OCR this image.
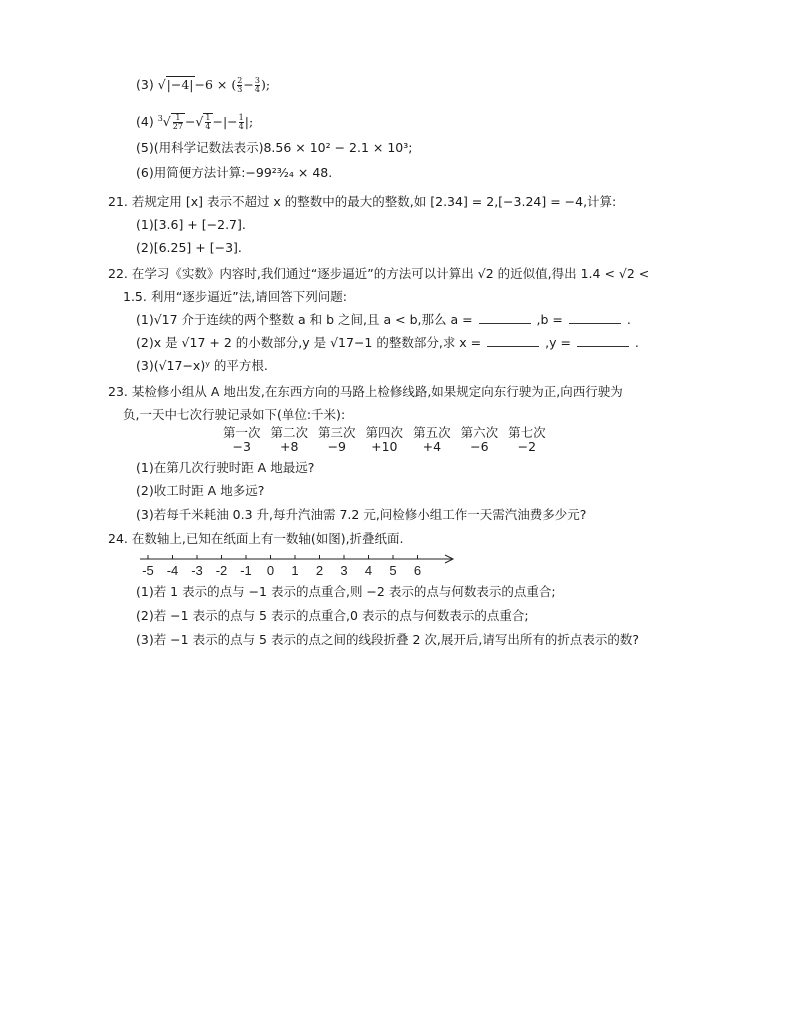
(3) √|−4|−6 × ( $\frac{2}{3} - \frac{3}{4}$ );
(4) $^3√ \frac{1}{27}$ −√ $\frac{1}{4}$ −|− $\frac{1}{4}$ |;
(5)(用科学记数法表示)8.56 × 10² − 2.1 × 10³;
(6)用简便方法计算:−99²³⁄₂₄ × 48.
21. 若规定用 [x] 表示不超过 x 的整数中的最大的整数,如 [2.34] = 2,[−3.24] = −4,计算:
(1)[3.6] + [−2.7].
(2)[6.25] + [−3].
22. 在学习《实数》内容时,我们通过“逐步逼近”的方法可以计算出 √2 的近似值,得出 1.4 < √2 <
1.5. 利用“逐步逼近”法,请回答下列问题:
(1)√17 介于连续的两个整数 a 和 b 之间,且 a < b,那么 a =	,b =	.
(2)x 是 √17 + 2 的小数部分,y 是 √17−1 的整数部分,求 x =	,y =	.
(3)(√17−x)ʸ 的平方根.
23. 某检修小组从 A 地出发,在东西方向的马路上检修线路,如果规定向东行驶为正,向西行驶为
负,一天中七次行驶记录如下(单位:千米):
第一次	第二次	第三次	第四次	第五次	第六次	第七次
−3	+8	−9	+10	+4	−6	−2
(1)在第几次行驶时距 A 地最远?
(2)收工时距 A 地多远?
(3)若每千米耗油 0.3 升,每升汽油需 7.2 元,问检修小组工作一天需汽油费多少元?
24. 在数轴上,已知在纸面上有一数轴(如图),折叠纸面.
-5 -4 -3 -2 -1 0 1 2 3 4 5 6
(1)若 1 表示的点与 −1 表示的点重合,则 −2 表示的点与何数表示的点重合;
(2)若 −1 表示的点与 5 表示的点重合,0 表示的点与何数表示的点重合;
(3)若 −1 表示的点与 5 表示的点之间的线段折叠 2 次,展开后,请写出所有的折点表示的数?
